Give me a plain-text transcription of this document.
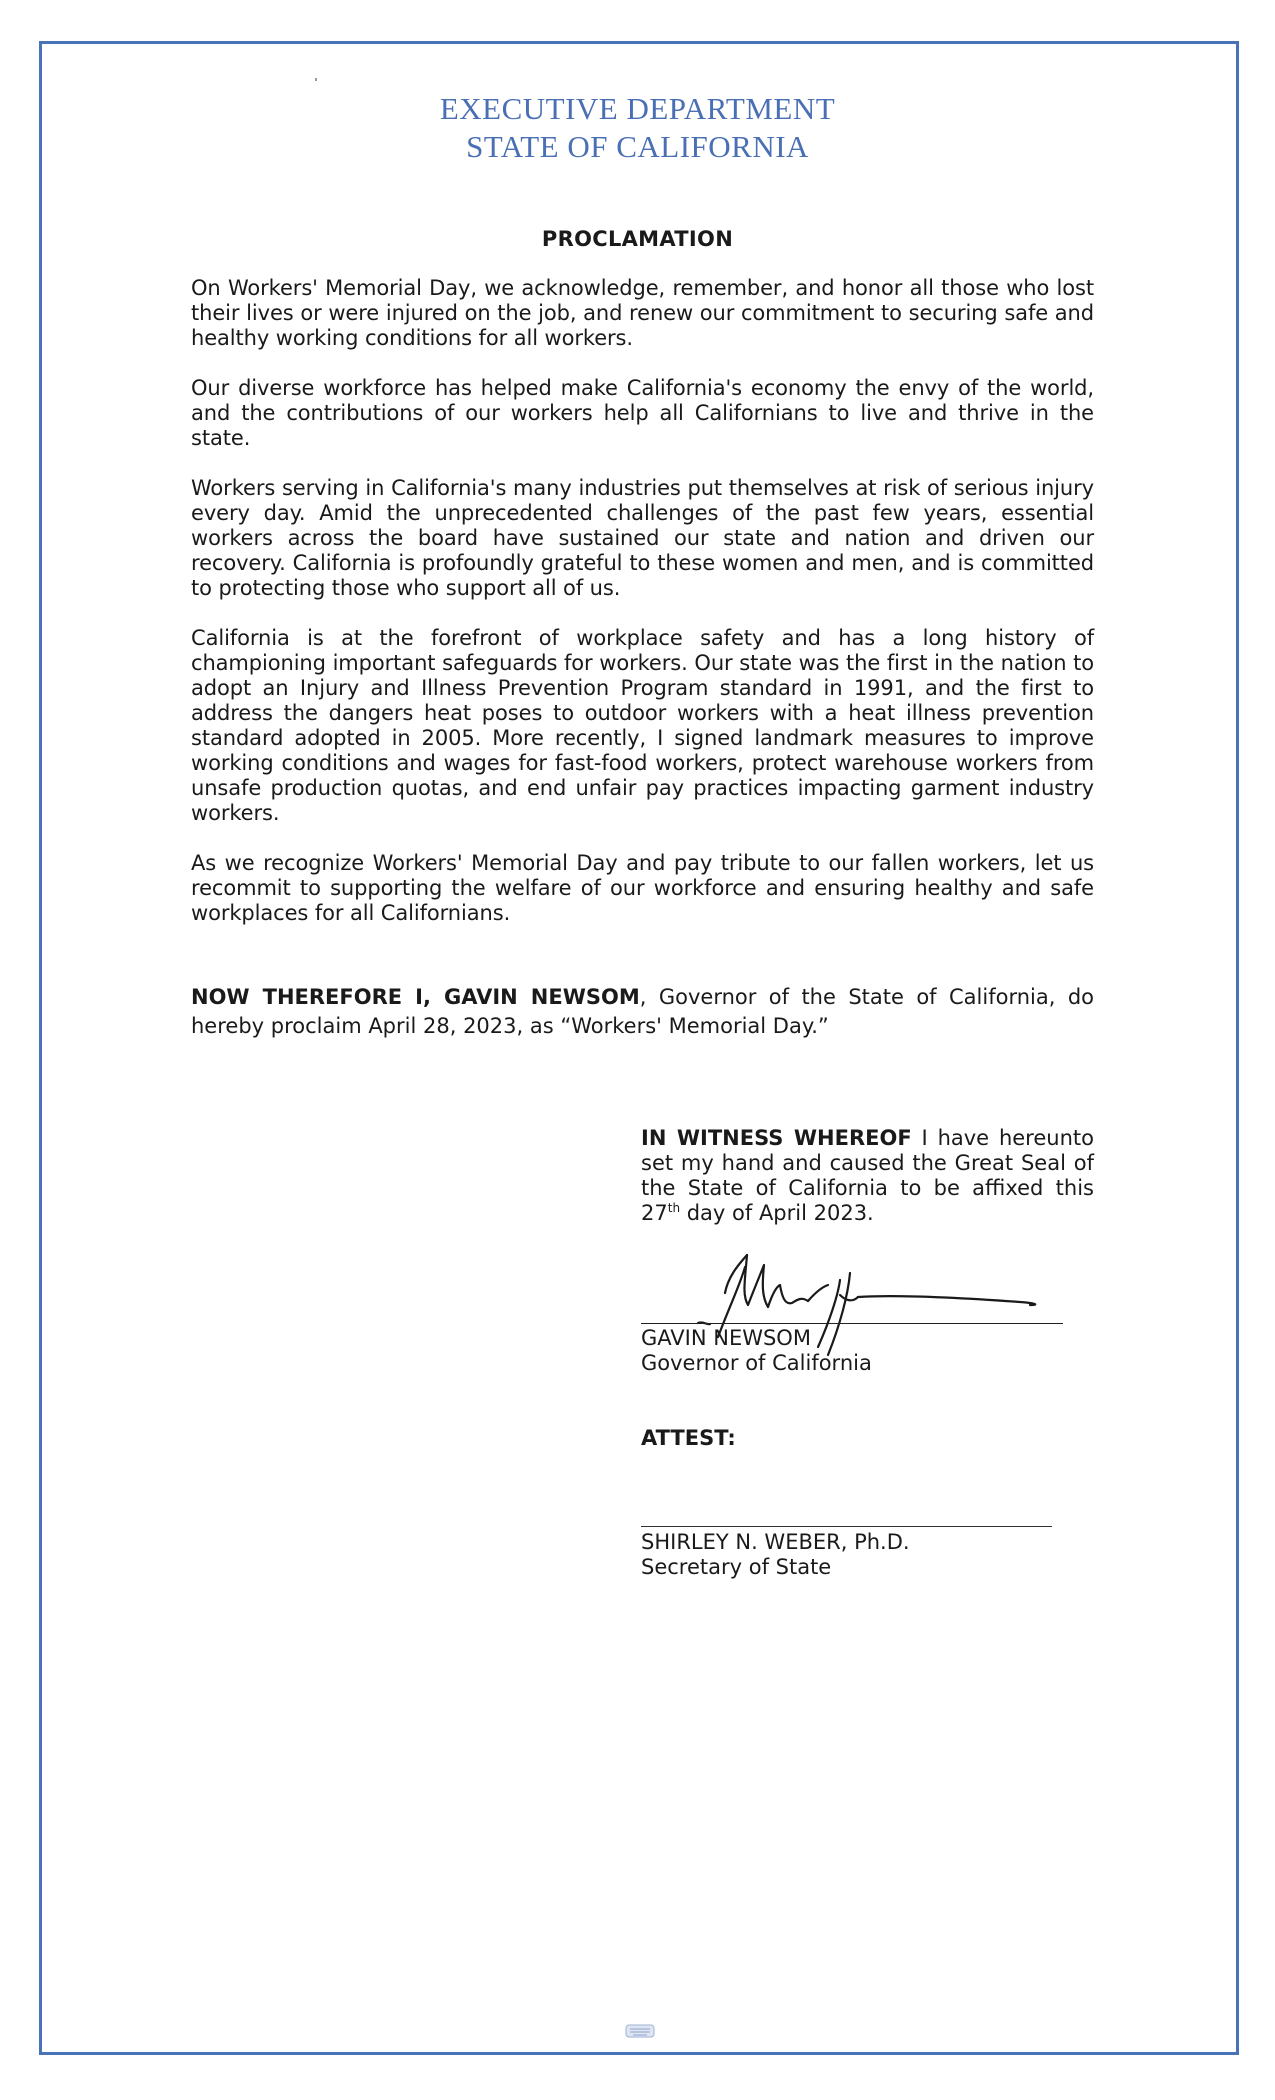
EXECUTIVE DEPARTMENT
STATE OF CALIFORNIA
PROCLAMATION

On Workers' Memorial Day, we acknowledge, remember, and honor all those who lost their lives or were injured on the job, and renew our commitment to securing safe and healthy working conditions for all workers.

Our diverse workforce has helped make California's economy the envy of the world, and the contributions of our workers help all Californians to live and thrive in the state.

Workers serving in California's many industries put themselves at risk of serious injury every day. Amid the unprecedented challenges of the past few years, essential workers across the board have sustained our state and nation and driven our recovery. California is profoundly grateful to these women and men, and is committed to protecting those who support all of us.

California is at the forefront of workplace safety and has a long history of championing important safeguards for workers. Our state was the first in the nation to adopt an Injury and Illness Prevention Program standard in 1991, and the first to address the dangers heat poses to outdoor workers with a heat illness prevention standard adopted in 2005. More recently, I signed landmark measures to improve working conditions and wages for fast-food workers, protect warehouse workers from unsafe production quotas, and end unfair pay practices impacting garment industry workers.

As we recognize Workers' Memorial Day and pay tribute to our fallen workers, let us recommit to supporting the welfare of our workforce and ensuring healthy and safe workplaces for all Californians.

NOW THEREFORE I, GAVIN NEWSOM, Governor of the State of California, do hereby proclaim April 28, 2023, as “Workers' Memorial Day.”
IN WITNESS WHEREOF I have hereunto set my hand and caused the Great Seal of the State of California to be affixed this 27th day of April 2023.
GAVIN NEWSOM
Governor of California
ATTEST:
SHIRLEY N. WEBER, Ph.D.
Secretary of State
